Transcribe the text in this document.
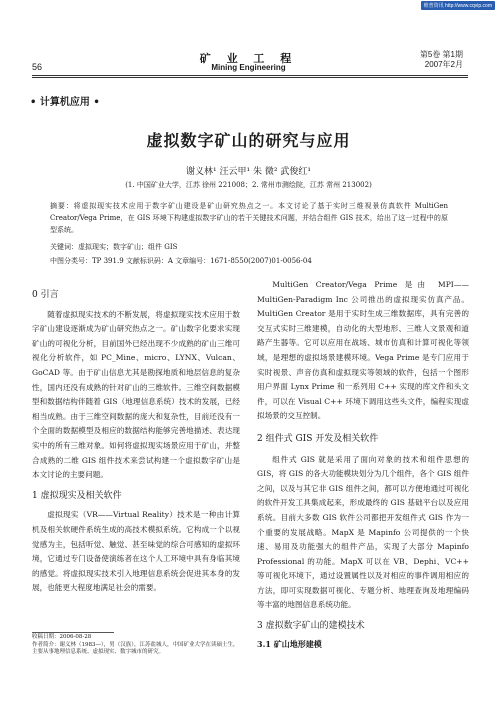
维普资讯 http://www.cqvip.com
56
矿 业 工 程
Mining Engineering
第5卷 第1期
2007年2月
• 计算机应用 •
虚拟数字矿山的研究与应用
谢义林¹ 汪云甲¹ 朱 微² 武俊红¹
(1. 中国矿业大学，江苏 徐州 221008；2. 常州市测绘院，江苏 常州 213002)
摘要：将虚拟现实技术应用于数字矿山建设是矿山研究热点之一。本文讨论了基于实时三维视景仿真软件 MultiGen Creator/Vega Prime，在 GIS 环境下构建虚拟数字矿山的若干关键技术问题，并结合组件 GIS 技术，给出了这一过程中的原型系统。
关键词：虚拟现实；数字矿山；组件 GIS
中图分类号：TP 391.9 文献标识码：A 文章编号：1671-8550(2007)01-0056-04
0 引言

随着虚拟现实技术的不断发展，将虚拟现实技术应用于数字矿山建设逐渐成为矿山研究热点之一。矿山数字化要求实现矿山的可视化分析，目前国外已经出现不少成熟的矿山三维可视化分析软件，如 PC_Mine、micro、LYNX、Vulcan、GoCAD 等。由于矿山信息尤其是勘探地质和地层信息的复杂性，国内还没有成熟的针对矿山的三维软件。三维空间数据模型和数据结构伴随着 GIS（地理信息系统）技术的发展，已经相当成熟。由于三维空间数据的庞大和复杂性，目前还没有一个全面的数据模型及相应的数据结构能够完善地描述、表达现实中的所有三维对象。如何将虚拟现实场景应用于矿山，并整合成熟的二维 GIS 组件技术来尝试构建一个虚拟数字矿山是本文讨论的主要问题。

1 虚拟现实及相关软件

虚拟现实（VR——Virtual Reality）技术是一种由计算机及相关软硬件系统生成的高技术模拟系统。它构成一个以视觉感为主，包括听觉、触觉、甚至味觉的综合可感知的虚拟环境，它通过专门设备使演练者在这个人工环境中具有身临其境的感觉。将虚拟现实技术引入地理信息系统会促进其本身的发展，也能更大程度地满足社会的需要。

MultiGen Creator/Vega Prime 是由 MPI——MultiGen-Paradigm Inc 公司推出的虚拟现实仿真产品。MultiGen Creator 是用于实时生成三维数据库，具有完善的交互式实时三维建模，自动化的大型地形、三维人文景观和道路产生器等。它可以应用在战场、城市仿真和计算可视化等领域，是理想的虚拟场景建模环境。Vega Prime 是专门应用于实时视景、声音仿真和虚拟现实等领域的软件，包括一个图形用户界面 Lynx Prime 和一系列用 C++ 实现的库文件和头文件，可以在 Visual C++ 环境下调用这些头文件，编程实现虚拟场景的交互控制。

2 组件式 GIS 开发及相关软件

组件式 GIS 就是采用了面向对象的技术和组件思想的 GIS，将 GIS 的各大功能模块划分为几个组件，各个 GIS 组件之间，以及与其它非 GIS 组件之间，都可以方便地通过可视化的软件开发工具集成起来，形成最终的 GIS 基础平台以及应用系统。目前大多数 GIS 软件公司都把开发组件式 GIS 作为一个重要的发展战略。MapX 是 Mapinfo 公司提供的一个快速、易用及功能强大的组件产品，实现了大部分 Mapinfo Professional 的功能。MapX 可以在 VB、Dephi、VC++ 等可视化环境下，通过设置属性以及对相应的事件调用相应的方法，即可实现数据可视化、专题分析、地理查询及地理编码等丰富的地图信息系统功能。

3 虚拟数字矿山的建模技术
3.1 矿山地形建模
收稿日期：2006-08-28
作者简介：谢义林（1983—），男（汉族），江苏盐城人，中国矿业大学在读硕士生，主要从事地理信息系统、虚拟现实、数字城市的研究。
